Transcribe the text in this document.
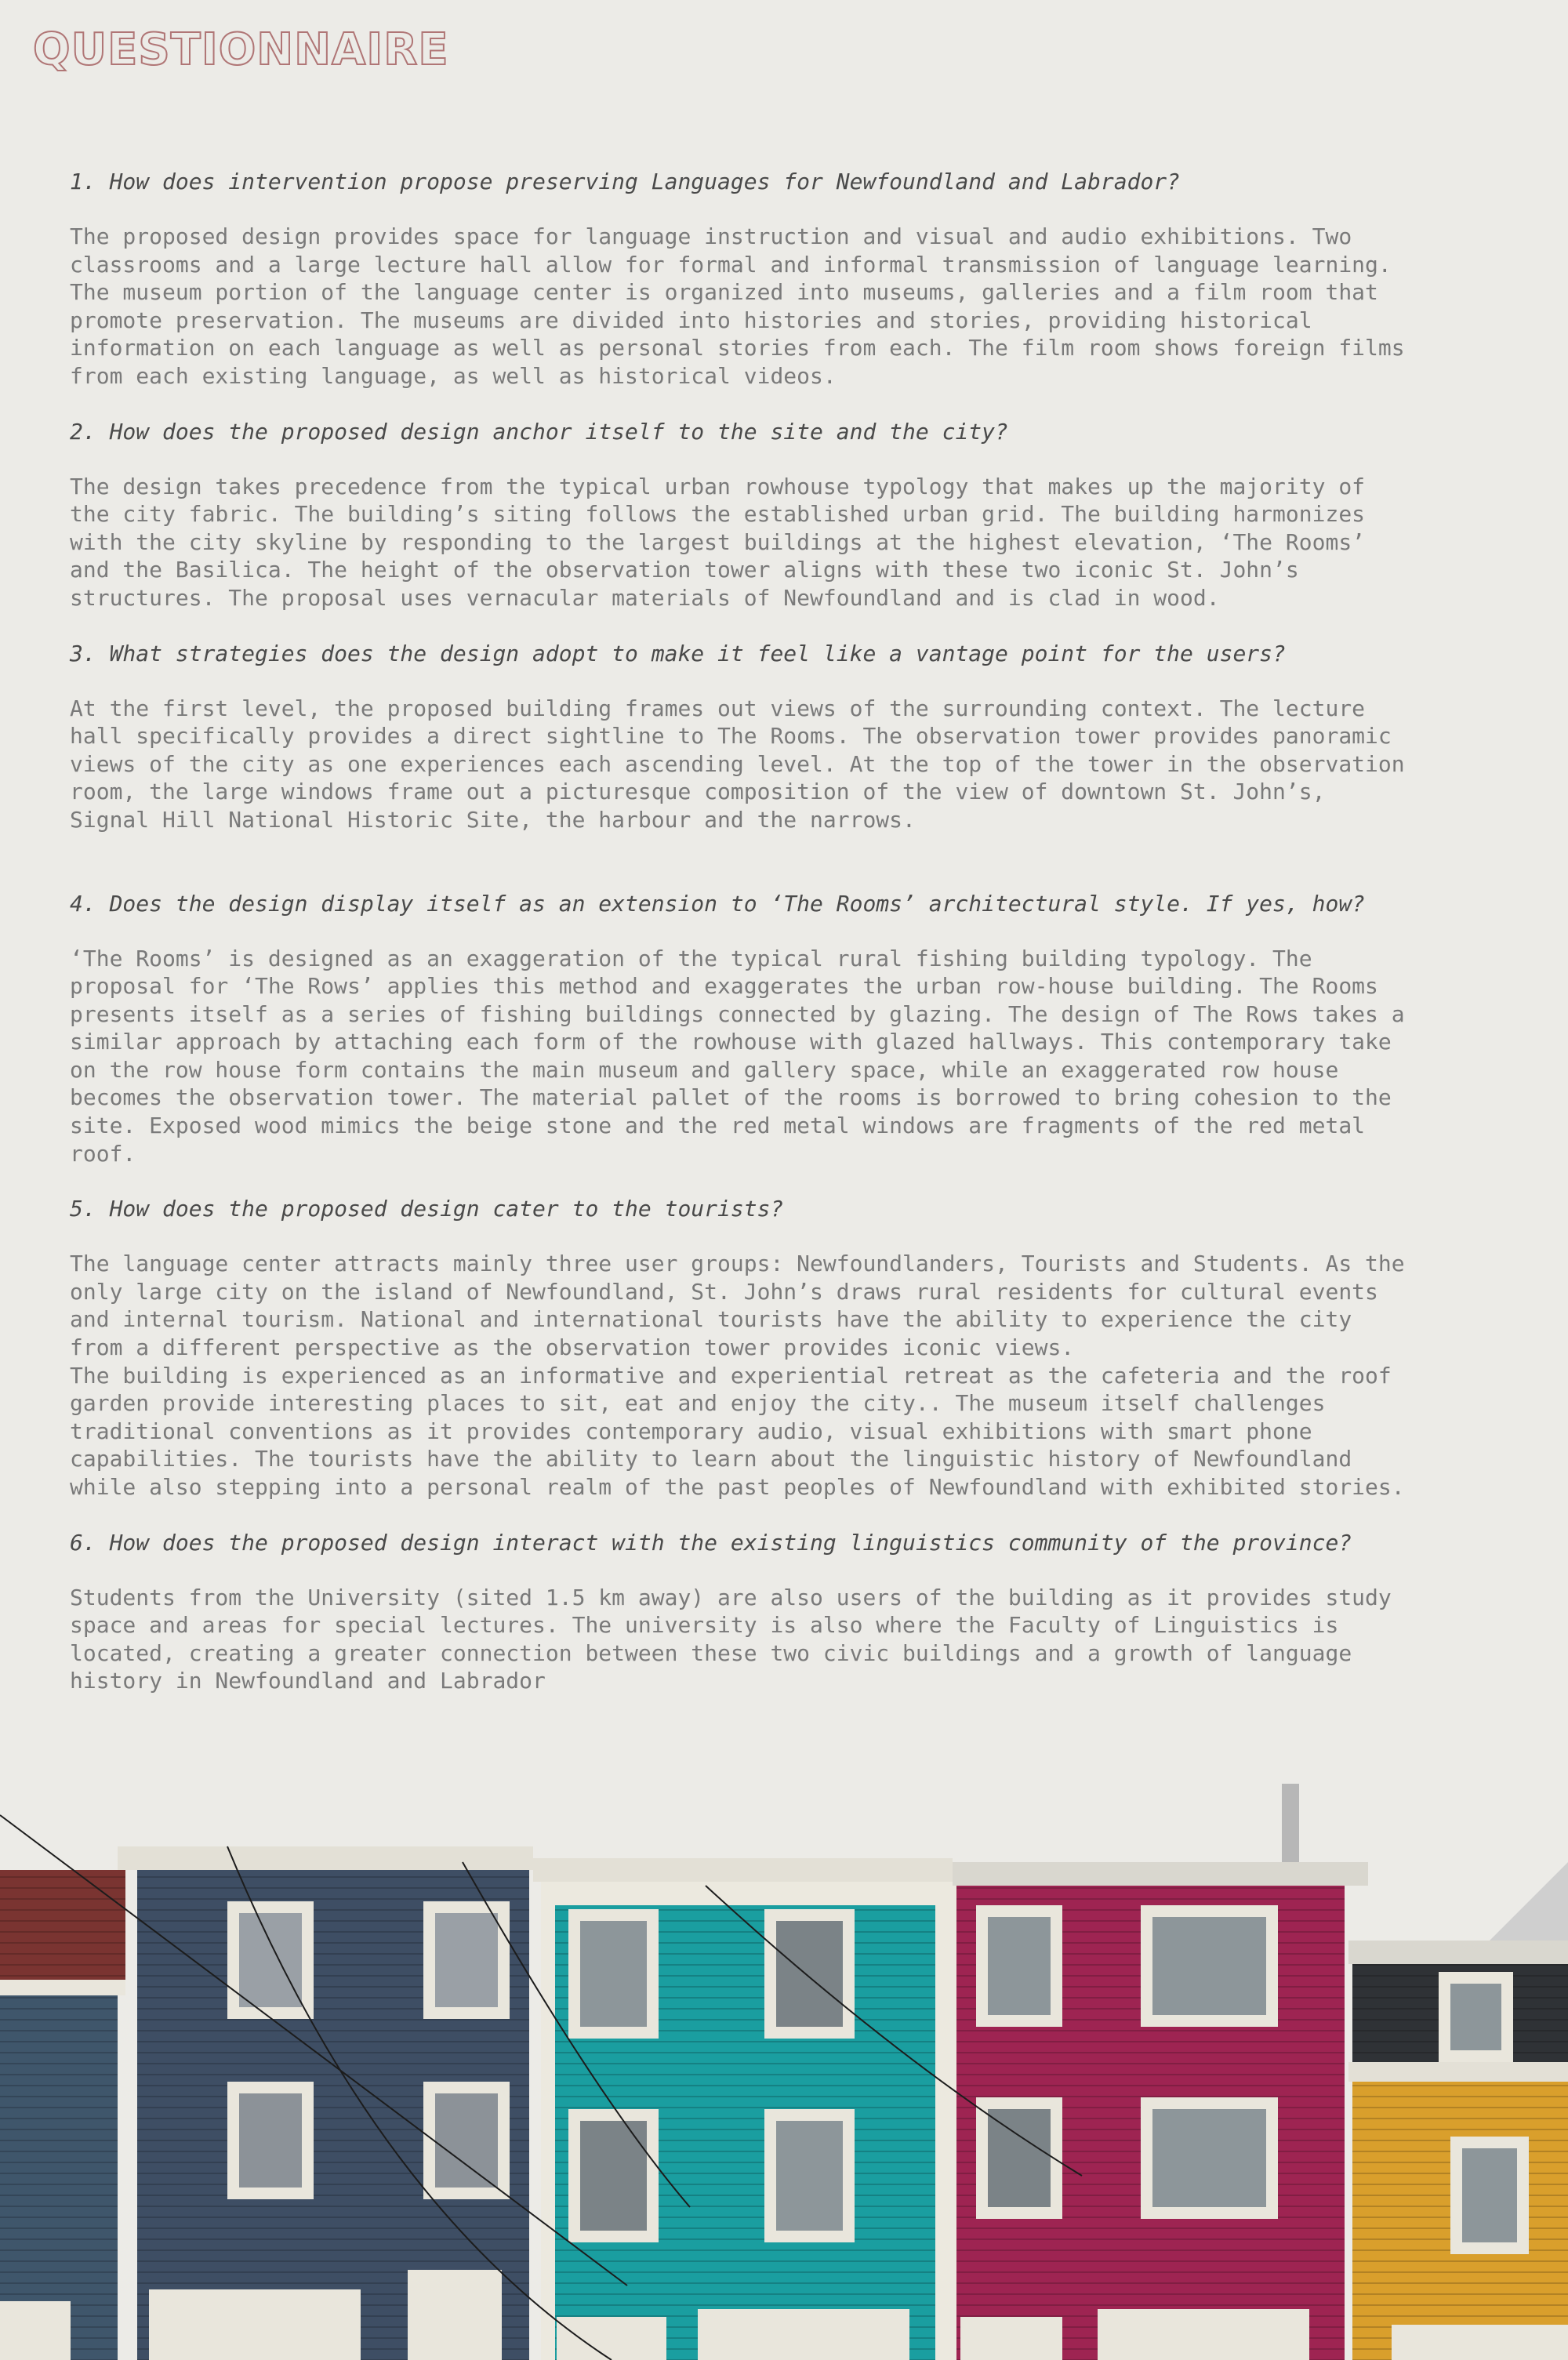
QUESTIONNAIRE
1. How does intervention propose preserving Languages for Newfoundland and Labrador?

The proposed design provides space for language instruction and visual and audio exhibitions. Two
classrooms and a large lecture hall allow for formal and informal transmission of language learning.
The museum portion of the language center is organized into museums, galleries and a film room that
promote preservation. The museums are divided into histories and stories, providing historical
information on each language as well as personal stories from each. The film room shows foreign films
from each existing language, as well as historical videos.

2. How does the proposed design anchor itself to the site and the city?

The design takes precedence from the typical urban rowhouse typology that makes up the majority of
the city fabric. The building’s siting follows the established urban grid. The building harmonizes
with the city skyline by responding to the largest buildings at the highest elevation, ‘The Rooms’
and the Basilica. The height of the observation tower aligns with these two iconic St. John’s
structures. The proposal uses vernacular materials of Newfoundland and is clad in wood.

3. What strategies does the design adopt to make it feel like a vantage point for the users?

At the first level, the proposed building frames out views of the surrounding context. The lecture
hall specifically provides a direct sightline to The Rooms. The observation tower provides panoramic
views of the city as one experiences each ascending level. At the top of the tower in the observation
room, the large windows frame out a picturesque composition of the view of downtown St. John’s,
Signal Hill National Historic Site, the harbour and the narrows.

4. Does the design display itself as an extension to ‘The Rooms’ architectural style. If yes, how?

‘The Rooms’ is designed as an exaggeration of the typical rural fishing building typology. The
proposal for ‘The Rows’ applies this method and exaggerates the urban row-house building. The Rooms
presents itself as a series of fishing buildings connected by glazing. The design of The Rows takes a
similar approach by attaching each form of the rowhouse with glazed hallways. This contemporary take
on the row house form contains the main museum and gallery space, while an exaggerated row house
becomes the observation tower. The material pallet of the rooms is borrowed to bring cohesion to the
site. Exposed wood mimics the beige stone and the red metal windows are fragments of the red metal
roof.

5. How does the proposed design cater to the tourists?

The language center attracts mainly three user groups: Newfoundlanders, Tourists and Students. As the
only large city on the island of Newfoundland, St. John’s draws rural residents for cultural events
and internal tourism. National and international tourists have the ability to experience the city
from a different perspective as the observation tower provides iconic views.
The building is experienced as an informative and experiential retreat as the cafeteria and the roof
garden provide interesting places to sit, eat and enjoy the city.. The museum itself challenges
traditional conventions as it provides contemporary audio, visual exhibitions with smart phone
capabilities. The tourists have the ability to learn about the linguistic history of Newfoundland
while also stepping into a personal realm of the past peoples of Newfoundland with exhibited stories.

6. How does the proposed design interact with the existing linguistics community of the province?

Students from the University (sited 1.5 km away) are also users of the building as it provides study
space and areas for special lectures. The university is also where the Faculty of Linguistics is
located, creating a greater connection between these two civic buildings and a growth of language
history in Newfoundland and Labrador
